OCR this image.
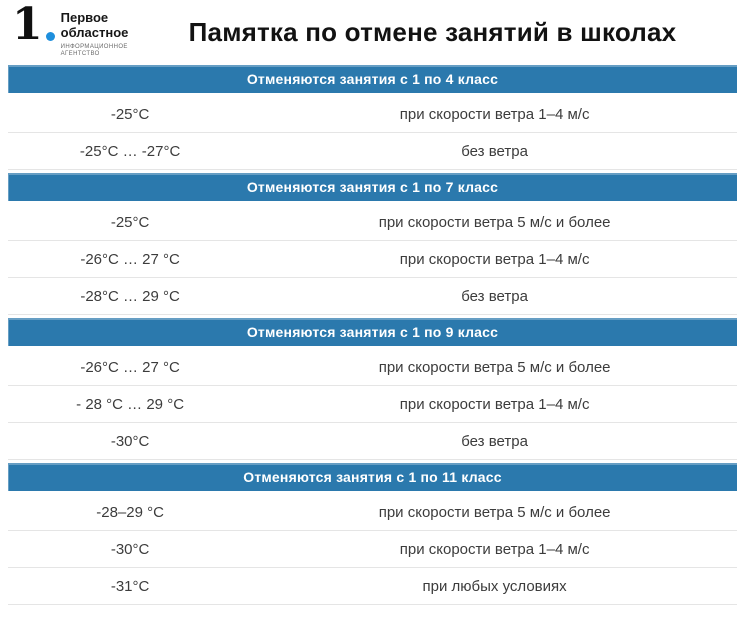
1	Первое
областное
ИНФОРМАЦИОННОЕ
АГЕНТСТВО
Памятка по отмене занятий в школах
Отменяются занятия с 1 по 4 класс
-25°C	при скорости ветра 1–4 м/с
-25°C … -27°C	без ветра
Отменяются занятия с 1 по 7 класс
-25°C	при скорости ветра 5 м/с и более
-26°C … 27 °C	при скорости ветра 1–4 м/с
-28°C … 29 °C	без ветра
Отменяются занятия с 1 по 9 класс
-26°C … 27 °C	при скорости ветра 5 м/с и более
- 28 °C … 29 °C	при скорости ветра 1–4 м/с
-30°C	без ветра
Отменяются занятия с 1 по 11 класс
-28–29 °C	при скорости ветра 5 м/с и более
-30°C	при скорости ветра 1–4 м/с
-31°C	при любых условиях
